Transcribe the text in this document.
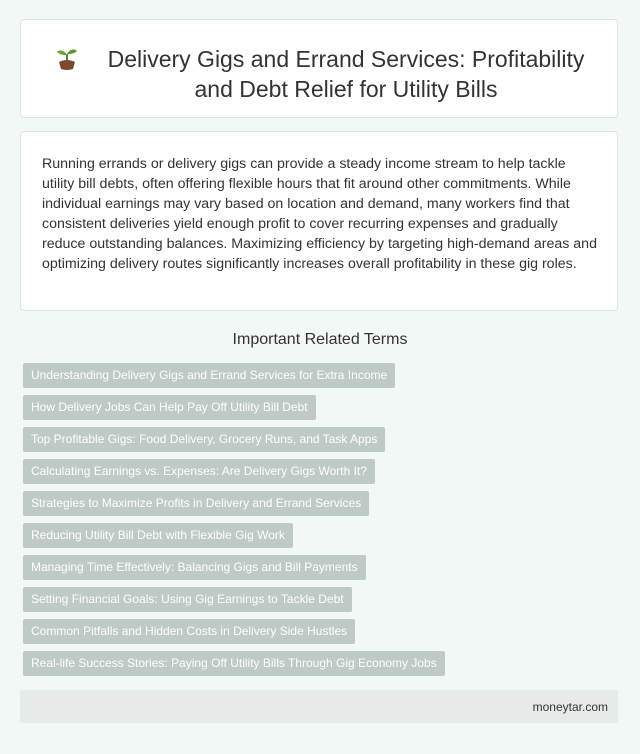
Delivery Gigs and Errand Services: Profitability and Debt Relief for Utility Bills

Running errands or delivery gigs can provide a steady income stream to help tackle utility bill debts, often offering flexible hours that fit around other commitments. While individual earnings may vary based on location and demand, many workers find that consistent deliveries yield enough profit to cover recurring expenses and gradually reduce outstanding balances. Maximizing efficiency by targeting high-demand areas and optimizing delivery routes significantly increases overall profitability in these gig roles.

Important Related Terms
Understanding Delivery Gigs and Errand Services for Extra Income
How Delivery Jobs Can Help Pay Off Utility Bill Debt
Top Profitable Gigs: Food Delivery, Grocery Runs, and Task Apps
Calculating Earnings vs. Expenses: Are Delivery Gigs Worth It?
Strategies to Maximize Profits in Delivery and Errand Services
Reducing Utility Bill Debt with Flexible Gig Work
Managing Time Effectively: Balancing Gigs and Bill Payments
Setting Financial Goals: Using Gig Earnings to Tackle Debt
Common Pitfalls and Hidden Costs in Delivery Side Hustles
Real-life Success Stories: Paying Off Utility Bills Through Gig Economy Jobs
moneytar.com
